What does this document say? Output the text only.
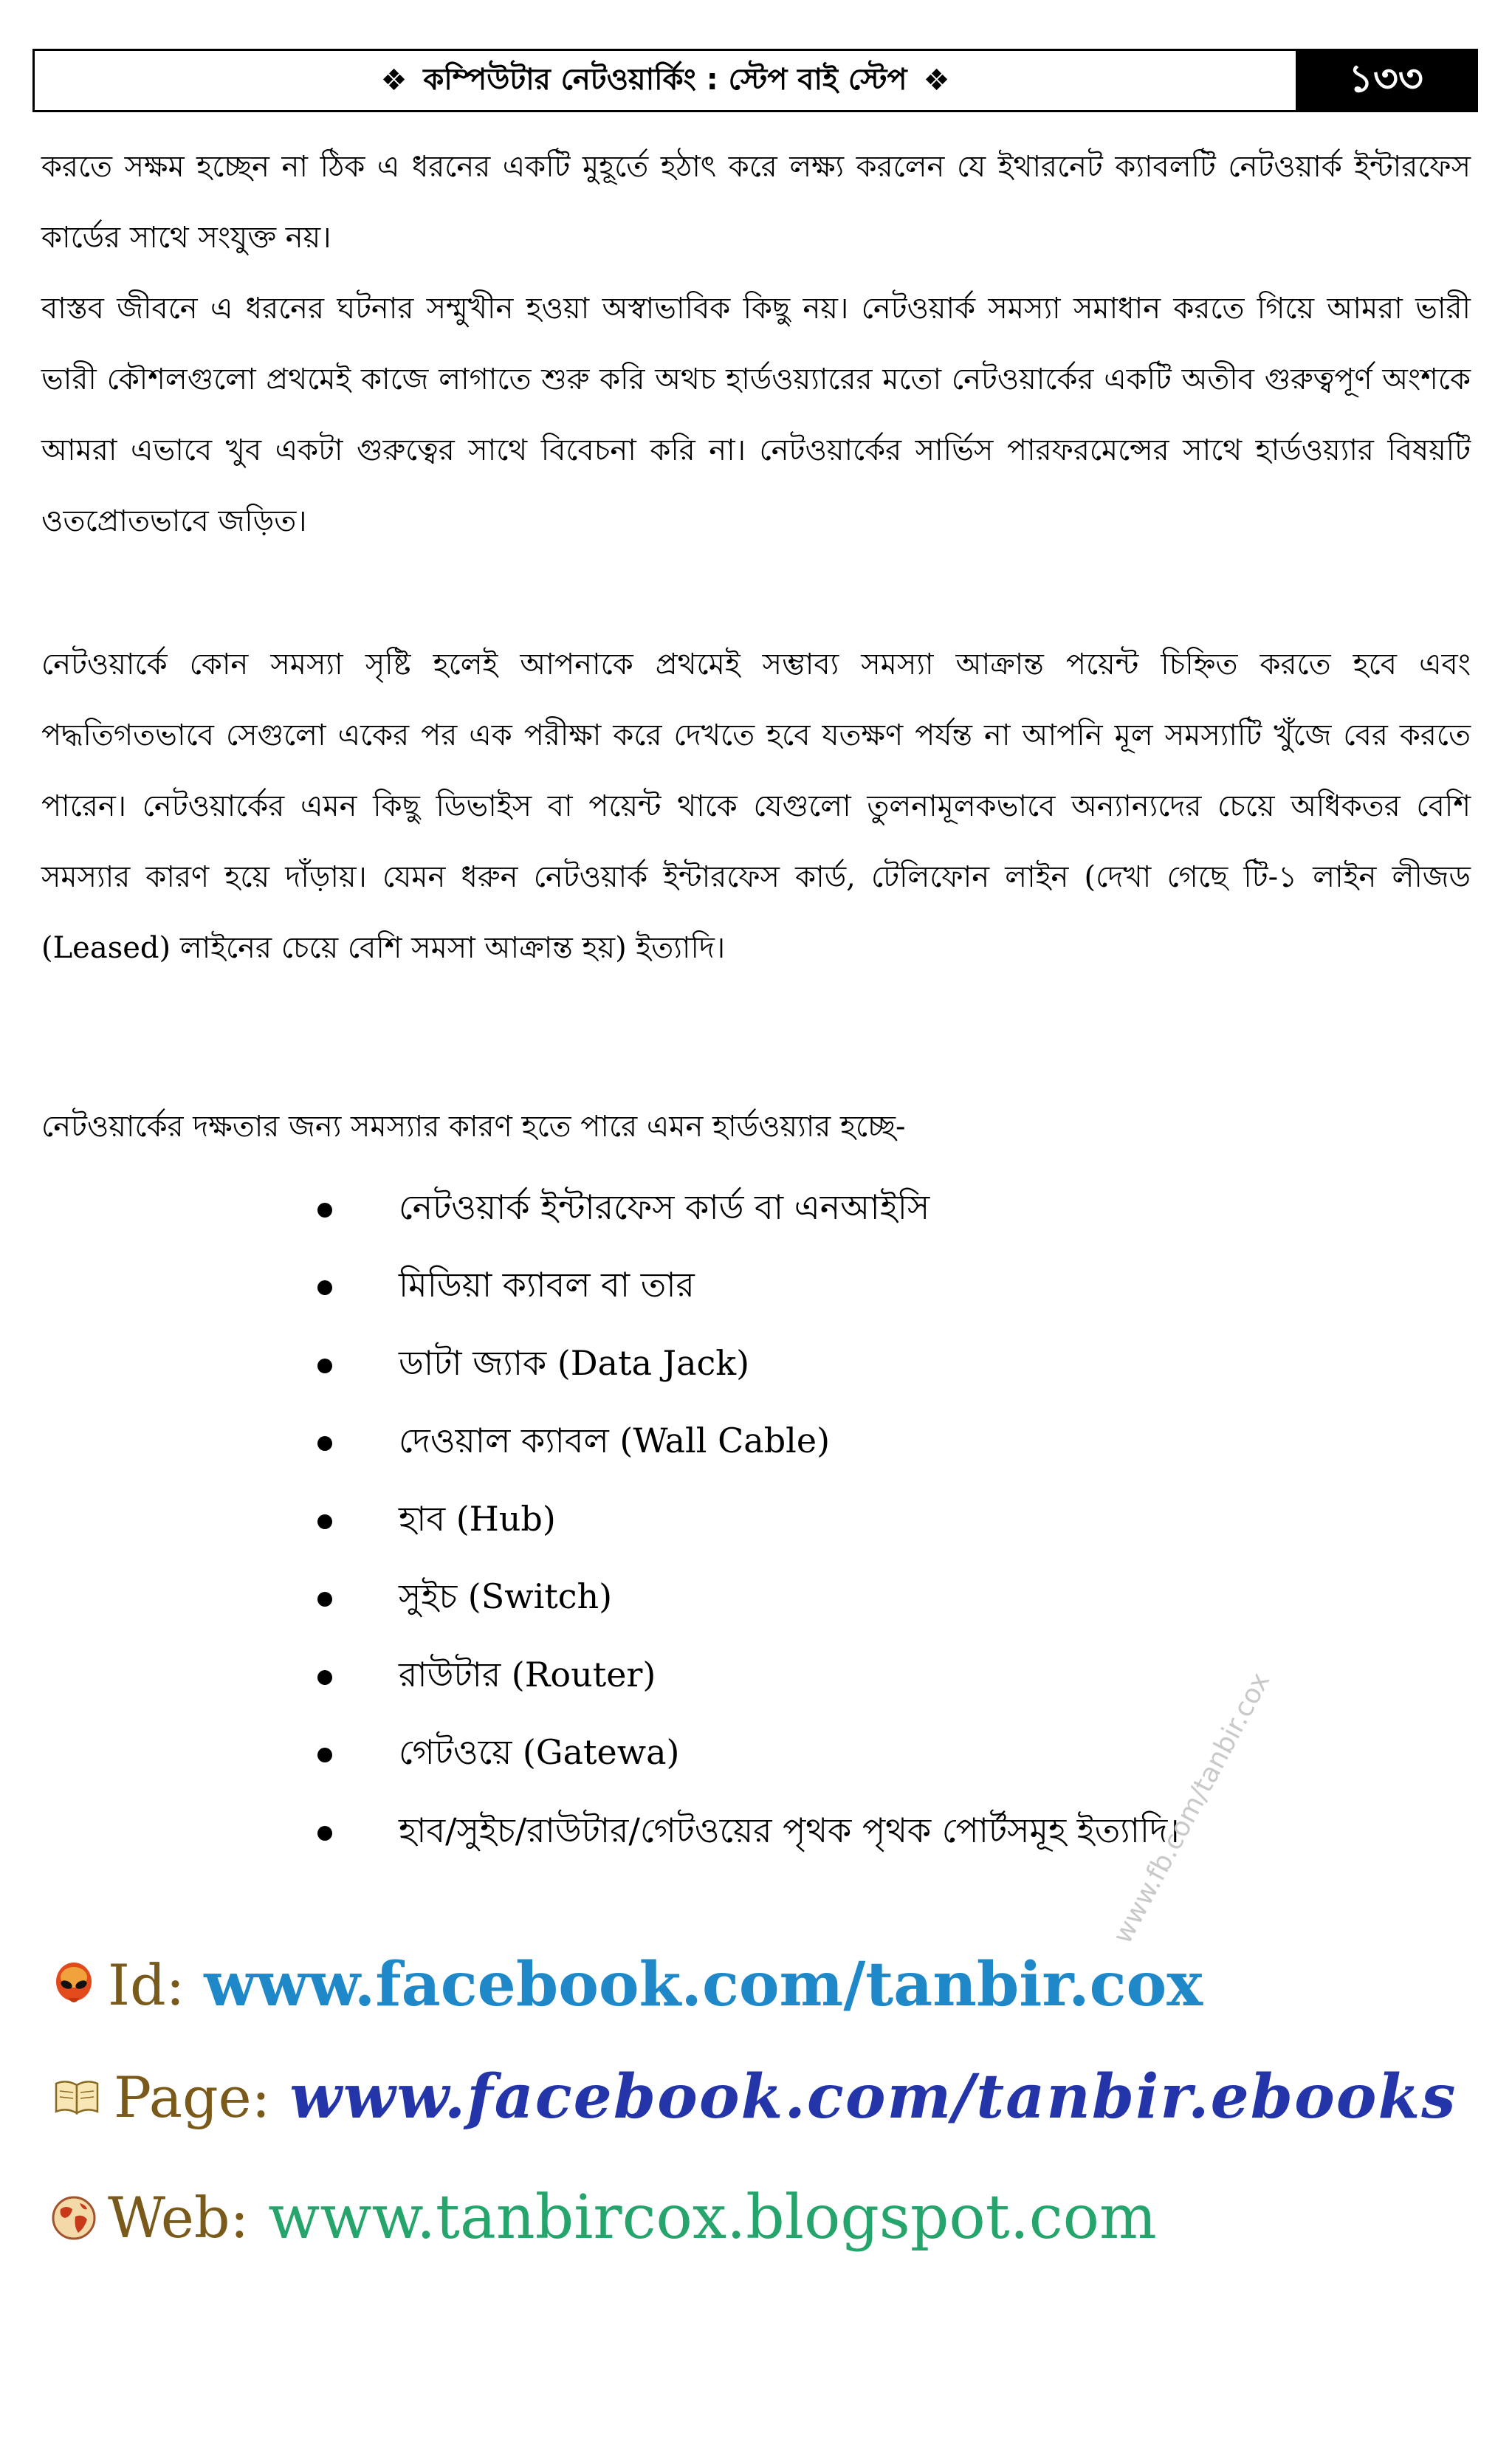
❖ কম্পিউটার নেটওয়ার্কিং : স্টেপ বাই স্টেপ ❖	১৩৩

করতে সক্ষম হচ্ছেন না ঠিক এ ধরনের একটি মুহূর্তে হঠাৎ করে লক্ষ্য করলেন যে ইথারনেট ক্যাবলটি নেটওয়ার্ক ইন্টারফেস কার্ডের সাথে সংযুক্ত নয়।

বাস্তব জীবনে এ ধরনের ঘটনার সম্মুখীন হওয়া অস্বাভাবিক কিছু নয়। নেটওয়ার্ক সমস্যা সমাধান করতে গিয়ে আমরা ভারী ভারী কৌশলগুলো প্রথমেই কাজে লাগাতে শুরু করি অথচ হার্ডওয়্যারের মতো নেটওয়ার্কের একটি অতীব গুরুত্বপূর্ণ অংশকে আমরা এভাবে খুব একটা গুরুত্বের সাথে বিবেচনা করি না। নেটওয়ার্কের সার্ভিস পারফরমেন্সের সাথে হার্ডওয়্যার বিষয়টি ওতপ্রোতভাবে জড়িত।

নেটওয়ার্কে কোন সমস্যা সৃষ্টি হলেই আপনাকে প্রথমেই সম্ভাব্য সমস্যা আক্রান্ত পয়েন্ট চিহ্নিত করতে হবে এবং পদ্ধতিগতভাবে সেগুলো একের পর এক পরীক্ষা করে দেখতে হবে যতক্ষণ পর্যন্ত না আপনি মূল সমস্যাটি খুঁজে বের করতে পারেন। নেটওয়ার্কের এমন কিছু ডিভাইস বা পয়েন্ট থাকে যেগুলো তুলনামূলকভাবে অন্যান্যদের চেয়ে অধিকতর বেশি সমস্যার কারণ হয়ে দাঁড়ায়। যেমন ধরুন নেটওয়ার্ক ইন্টারফেস কার্ড, টেলিফোন লাইন (দেখা গেছে টি-১ লাইন লীজড (Leased) লাইনের চেয়ে বেশি সমসা আক্রান্ত হয়) ইত্যাদি।

নেটওয়ার্কের দক্ষতার জন্য সমস্যার কারণ হতে পারে এমন হার্ডওয়্যার হচ্ছে-

নেটওয়ার্ক ইন্টারফেস কার্ড বা এনআইসি
মিডিয়া ক্যাবল বা তার
ডাটা জ্যাক (Data Jack)
দেওয়াল ক্যাবল (Wall Cable)
হাব (Hub)
সুইচ (Switch)
রাউটার (Router)
গেটওয়ে (Gatewa)
হাব/সুইচ/রাউটার/গেটওয়ের পৃথক পৃথক পোর্টসমূহ ইত্যাদি।
www.fb.com/tanbir.cox
Id: www.facebook.com/tanbir.cox
Page: www.facebook.com/tanbir.ebooks
Web: www.tanbircox.blogspot.com
